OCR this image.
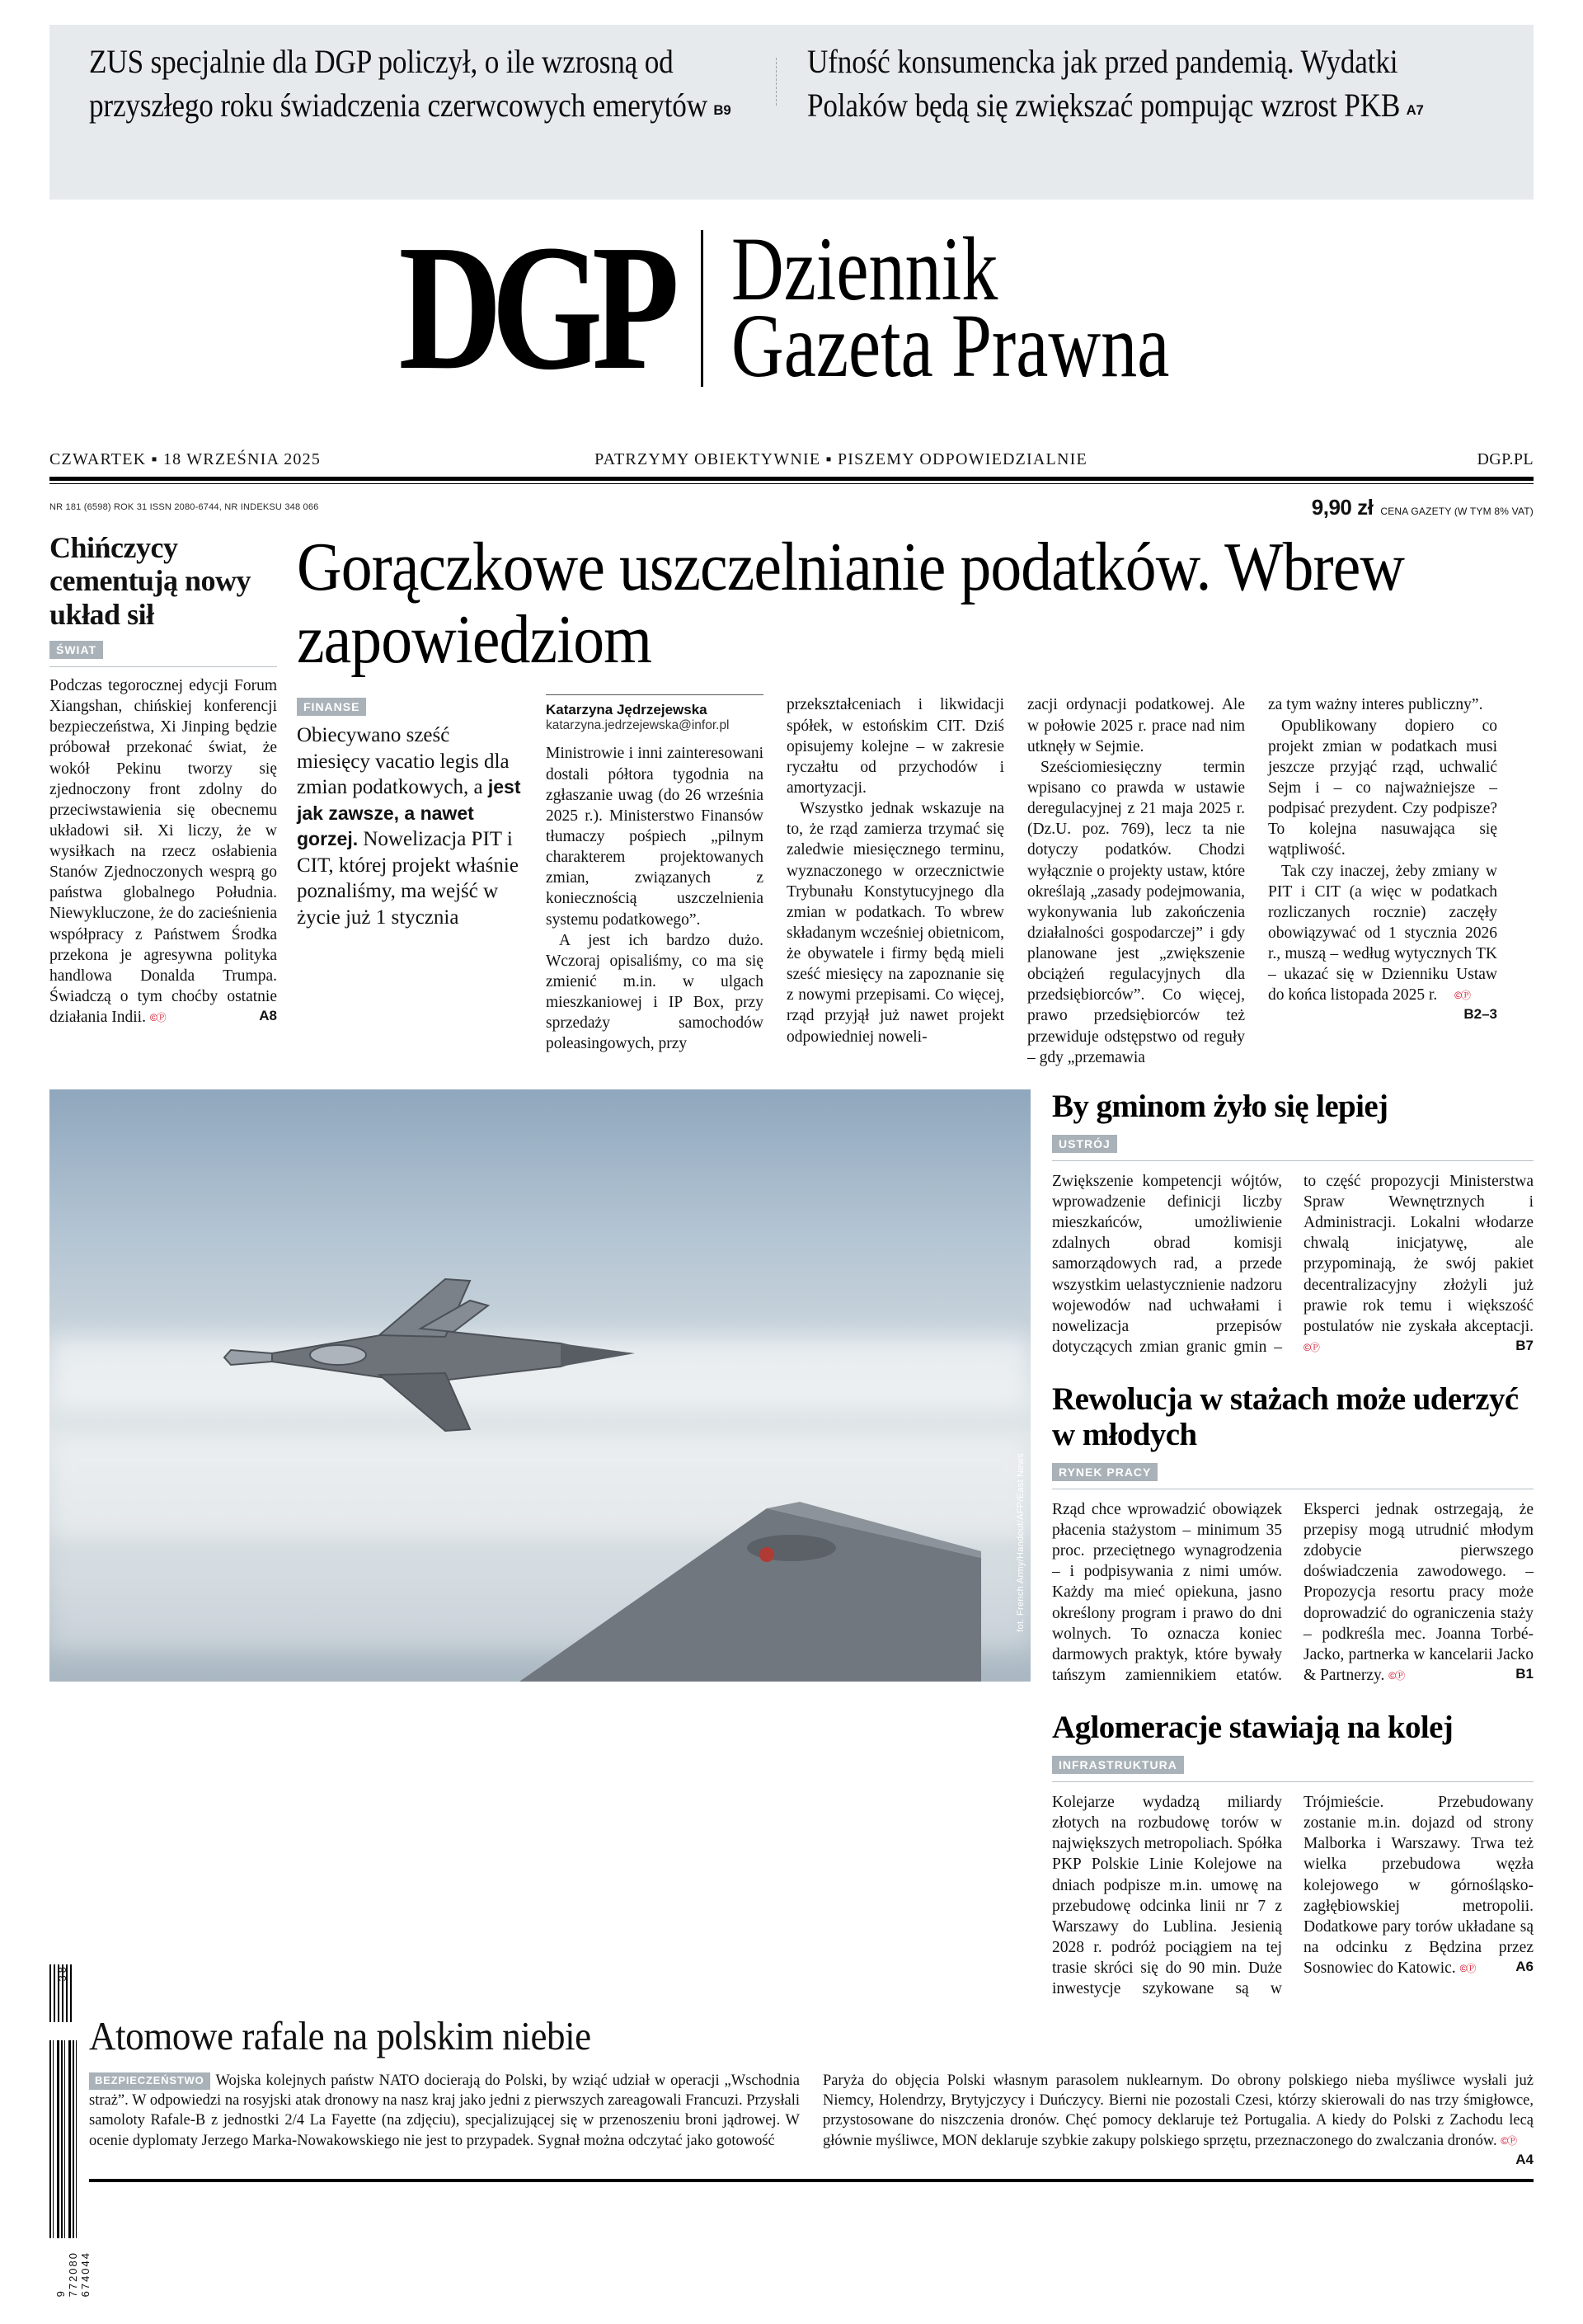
ZUS specjalnie dla DGP policzył, o ile wzrosną od przyszłego roku świadczenia czerwcowych emerytów B9
Ufność konsumencka jak przed pandemią. Wydatki Polaków będą się zwiększać pompując wzrost PKB A7
DGP Dziennik
Gazeta Prawna
CZWARTEK ▪ 18 WRZEŚNIA 2025	PATRZYMY OBIEKTYWNIE ▪ PISZEMY ODPOWIEDZIALNIE	DGP.PL
NR 181 (6598) ROK 31 ISSN 2080-6744, NR INDEKSU 348 066	9,90 zł CENA GAZETY (W TYM 8% VAT)
Chińczycy cementują nowy układ sił
ŚWIAT

Podczas tegorocznej edycji Forum Xiangshan, chińskiej konferencji bezpieczeństwa, Xi Jinping będzie próbował przekonać świat, że wokół Pekinu tworzy się zjednoczony front zdolny do przeciwstawienia się obecnemu układowi sił. Xi liczy, że w wysiłkach na rzecz osłabienia Stanów Zjednoczonych wesprą go państwa globalnego Południa. Niewykluczone, że do zacieśnienia współpracy z Państwem Środka przekona je agresywna polityka handlowa Donalda Trumpa. Świadczą o tym choćby ostatnie działania Indii. ©Ⓟ	A8

Gorączkowe uszczelnianie podatków. Wbrew zapowiedziom
FINANSE
Obiecywano sześć miesięcy vacatio legis dla zmian podatkowych, a jest jak zawsze, a nawet gorzej. Nowelizacja PIT i CIT, której projekt właśnie poznaliśmy, ma wejść w życie już 1 stycznia
Katarzyna Jędrzejewska
katarzyna.jedrzejewska@infor.pl

Ministrowie i inni zainteresowani dostali półtora tygodnia na zgłaszanie uwag (do 26 września 2025 r.). Ministerstwo Finansów tłumaczy pośpiech „pilnym charakterem projektowanych zmian, związanych z koniecznością uszczelnienia systemu podatkowego”.

A jest ich bardzo dużo. Wczoraj opisaliśmy, co ma się zmienić m.in. w ulgach mieszkaniowej i IP Box, przy sprzedaży samochodów poleasingowych, przy

przekształceniach i likwidacji spółek, w estońskim CIT. Dziś opisujemy kolejne – w zakresie ryczałtu od przychodów i amortyzacji.

Wszystko jednak wskazuje na to, że rząd zamierza trzymać się zaledwie miesięcznego terminu, wyznaczonego w orzecznictwie Trybunału Konstytucyjnego dla zmian w podatkach. To wbrew składanym wcześniej obietnicom, że obywatele i firmy będą mieli sześć miesięcy na zapoznanie się z nowymi przepisami. Co więcej, rząd przyjął już nawet projekt odpowiedniej noweli-

zacji ordynacji podatkowej. Ale w połowie 2025 r. prace nad nim utknęły w Sejmie.

Sześciomiesięczny termin wpisano co prawda w ustawie deregulacyjnej z 21 maja 2025 r. (Dz.U. poz. 769), lecz ta nie dotyczy podatków. Chodzi wyłącznie o projekty ustaw, które określają „zasady podejmowania, wykonywania lub zakończenia działalności gospodarczej” i gdy planowane jest „zwiększenie obciążeń regulacyjnych dla przedsiębiorców”. Co więcej, prawo przedsiębiorców też przewiduje odstępstwo od reguły – gdy „przemawia

za tym ważny interes publiczny”.

Opublikowany dopiero co projekt zmian w podatkach musi jeszcze przyjąć rząd, uchwalić Sejm i – co najważniejsze – podpisać prezydent. Czy podpisze? To kolejna nasuwająca się wątpliwość.

Tak czy inaczej, żeby zmiany w PIT i CIT (a więc w podatkach rozliczanych rocznie) zaczęły obowiązywać od 1 stycznia 2026 r., muszą – według wytycznych TK – ukazać się w Dzienniku Ustaw do końca listopada 2025 r. ©Ⓟ
B2–3

fot. French Army/Handout/AFP/East News
By gminom żyło się lepiej
USTRÓJ

Zwiększenie kompetencji wójtów, wprowadzenie definicji liczby mieszkańców, umożliwienie zdalnych obrad komisji samorządowych rad, a przede wszystkim uelastycznienie nadzoru wojewodów nad uchwałami i nowelizacja przepisów dotyczących zmian granic gmin – to część propozycji Ministerstwa Spraw Wewnętrznych i Administracji. Lokalni włodarze chwalą inicjatywę, ale przypominają, że swój pakiet decentralizacyjny złożyli już prawie rok temu i większość postulatów nie zyskała akceptacji. ©Ⓟ	B7

Rewolucja w stażach może uderzyć w młodych
RYNEK PRACY

Rząd chce wprowadzić obowiązek płacenia stażystom – minimum 35 proc. przeciętnego wynagrodzenia – i podpisywania z nimi umów. Każdy ma mieć opiekuna, jasno określony program i prawo do dni wolnych. To oznacza koniec darmowych praktyk, które bywały tańszym zamiennikiem etatów. Eksperci jednak ostrzegają, że przepisy mogą utrudnić młodym zdobycie pierwszego doświadczenia zawodowego. – Propozycja resortu pracy może doprowadzić do ograniczenia staży – podkreśla mec. Joanna Torbé-Jacko, partnerka w kancelarii Jacko & Partnerzy. ©Ⓟ	B1

Aglomeracje stawiają na kolej
INFRASTRUKTURA

Kolejarze wydadzą miliardy złotych na rozbudowę torów w największych metropoliach. Spółka PKP Polskie Linie Kolejowe na dniach podpisze m.in. umowę na przebudowę odcinka linii nr 7 z Warszawy do Lublina. Jesienią 2028 r. podróż pociągiem na tej trasie skróci się do 90 min. Duże inwestycje szykowane są w Trójmieście. Przebudowany zostanie m.in. dojazd od strony Malborka i Warszawy. Trwa też wielka przebudowa węzła kolejowego w górnośląsko-zagłębiowskiej metropolii. Dodatkowe pary torów układane są na odcinku z Będzina przez Sosnowiec do Katowic. ©Ⓟ	A6

38
9 772080 674044
Atomowe rafale na polskim niebie

BEZPIECZEŃSTWO Wojska kolejnych państw NATO docierają do Polski, by wziąć udział w operacji „Wschodnia straż”. W odpowiedzi na rosyjski atak dronowy na nasz kraj jako jedni z pierwszych zareagowali Francuzi. Przysłali samoloty Rafale-B z jednostki 2/4 La Fayette (na zdjęciu), specjalizującej się w przenoszeniu broni jądrowej. W ocenie dyplomaty Jerzego Marka-Nowakowskiego nie jest to przypadek. Sygnał można odczytać jako gotowość

Paryża do objęcia Polski własnym parasolem nuklearnym. Do obrony polskiego nieba myśliwce wysłali już Niemcy, Holendrzy, Brytyjczycy i Duńczycy. Bierni nie pozostali Czesi, którzy skierowali do nas trzy śmigłowce, przystosowane do niszczenia dronów. Chęć pomocy deklaruje też Portugalia. A kiedy do Polski z Zachodu lecą głównie myśliwce, MON deklaruje szybkie zakupy polskiego sprzętu, przeznaczonego do zwalczania dronów. ©Ⓟ
A4
